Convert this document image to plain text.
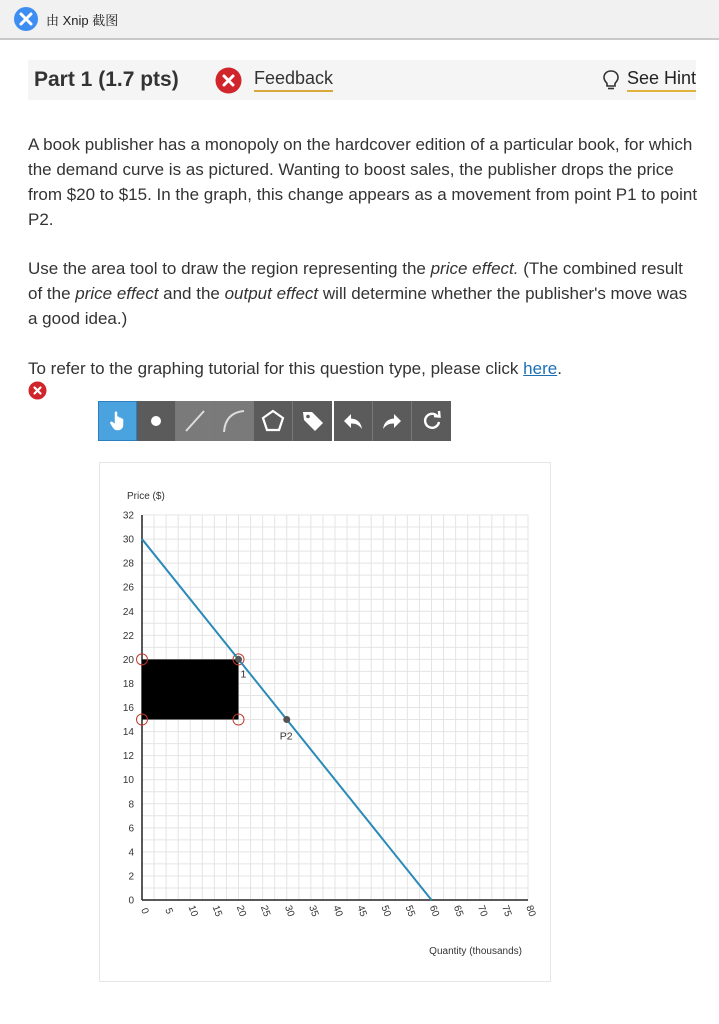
由 Xnip 截图
Part 1 (1.7 pts)	Feedback	See Hint
A book publisher has a monopoly on the hardcover edition of a particular book, for which the demand curve is as pictured. Wanting to boost sales, the publisher drops the price from $20 to $15. In the graph, this change appears as a movement from point P1 to point P2.
Use the area tool to draw the region representing the price effect. (The combined result of the price effect and the output effect will determine whether the publisher's move was a good idea.)
To refer to the graphing tutorial for this question type, please click here.
0
2
4
6
8
10
12
14
16
18
20
22
24
26
28
30
32
0 5 10 15 20 25 30 35 40 45 50 55 60 65 70 75 80
Price ($)
Quantity (thousands)
1
P2
